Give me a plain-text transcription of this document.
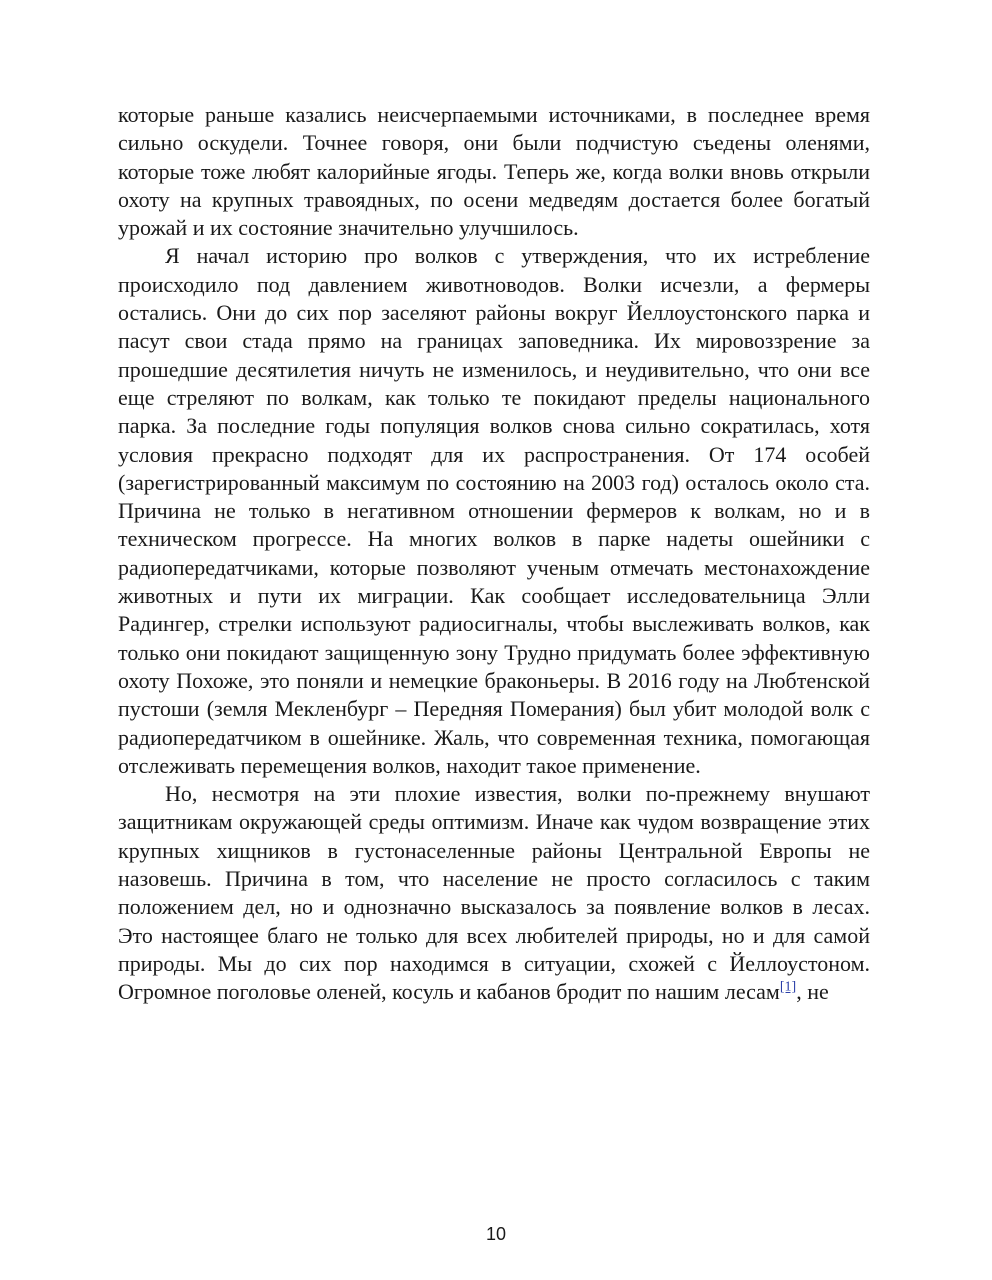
которые раньше казались неисчерпаемыми источниками, в последнее время сильно оскудели. Точнее говоря, они были подчистую съедены оленями, которые тоже любят калорийные ягоды. Теперь же, когда волки вновь открыли охоту на крупных травоядных, по осени медведям достается более богатый урожай и их состояние значительно улучшилось.

Я начал историю про волков с утверждения, что их истребление происходило под давлением животноводов. Волки исчезли, а фермеры остались. Они до сих пор заселяют районы вокруг Йеллоустонского парка и пасут свои стада прямо на границах заповедника. Их мировоззрение за прошедшие десятилетия ничуть не изменилось, и неудивительно, что они все еще стреляют по волкам, как только те покидают пределы национального парка. За последние годы популяция волков снова сильно сократилась, хотя условия прекрасно подходят для их распространения. От 174 особей (зарегистрированный максимум по состоянию на 2003 год) осталось около ста. Причина не только в негативном отношении фермеров к волкам, но и в техническом прогрессе. На многих волков в парке надеты ошейники с радиопередатчиками, которые позволяют ученым отмечать местонахождение животных и пути их миграции. Как сообщает исследовательница Элли Радингер, стрелки используют радиосигналы, чтобы выслеживать волков, как только они покидают защищенную зону Трудно придумать более эффективную охоту Похоже, это поняли и немецкие браконьеры. В 2016 году на Любтенской пустоши (земля Мекленбург – Передняя Померания) был убит молодой волк с радиопередатчиком в ошейнике. Жаль, что современная техника, помогающая отслеживать перемещения волков, находит такое применение.

Но, несмотря на эти плохие известия, волки по-прежнему внушают защитникам окружающей среды оптимизм. Иначе как чудом возвращение этих крупных хищников в густонаселенные районы Центральной Европы не назовешь. Причина в том, что население не просто согласилось с таким положением дел, но и однозначно высказалось за появление волков в лесах. Это настоящее благо не только для всех любителей природы, но и для самой природы. Мы до сих пор находимся в ситуации, схожей с Йеллоустоном. Огромное поголовье оленей, косуль и кабанов бродит по нашим лесам[1], не

10
